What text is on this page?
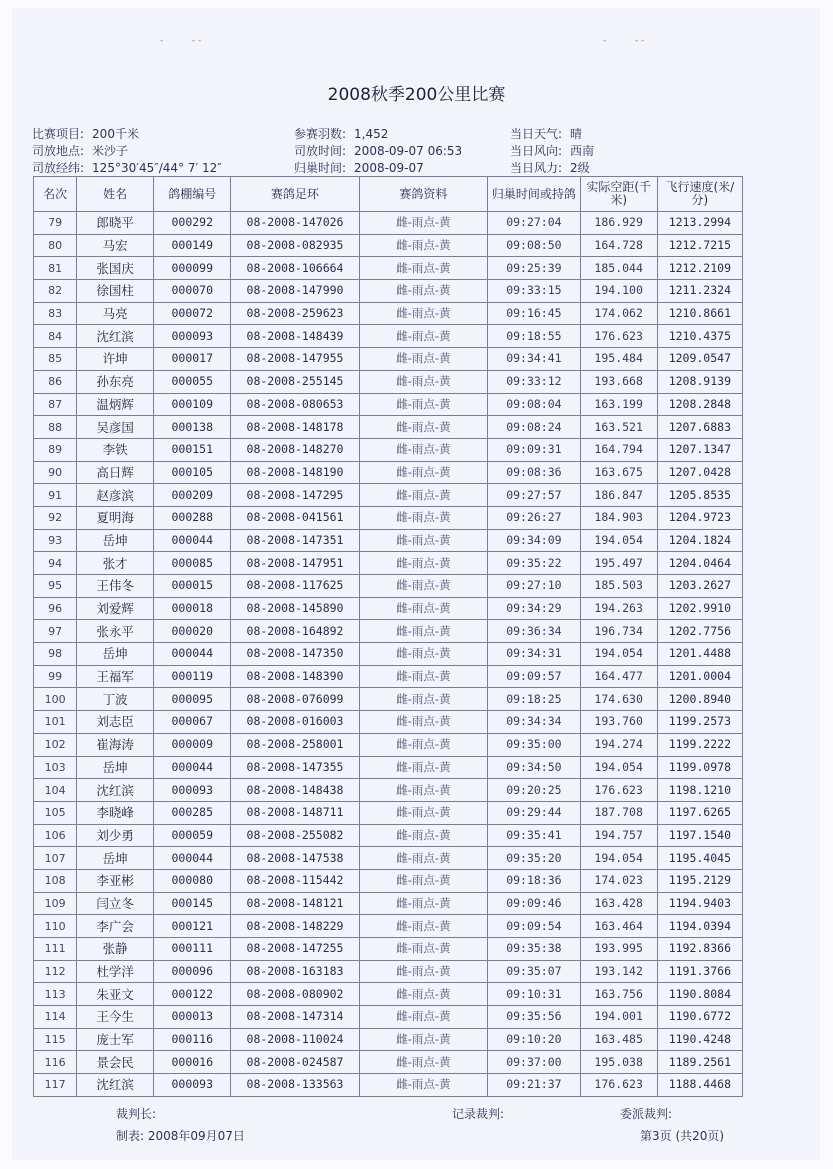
-          - -	-          - -
2008秋季200公里比赛
比赛项目: 200千米
司放地点: 米沙子
司放经纬: 125°30′45″/44° 7′ 12″
参赛羽数: 1,452
司放时间: 2008-09-07 06:53
归巢时间: 2008-09-07
当日天气: 晴
当日风向: 西南
当日风力: 2级
名次	姓名	鸽棚编号	赛鸽足环	赛鸽资料	归巢时间或持鸽	实际空距(千米)	飞行速度(米/分)
79	郎晓平	000292	08-2008-147026	雌-雨点-黄	09:27:04	186.929	1213.2994
80	马宏	000149	08-2008-082935	雌-雨点-黄	09:08:50	164.728	1212.7215
81	张国庆	000099	08-2008-106664	雌-雨点-黄	09:25:39	185.044	1212.2109
82	徐国柱	000070	08-2008-147990	雌-雨点-黄	09:33:15	194.100	1211.2324
83	马亮	000072	08-2008-259623	雌-雨点-黄	09:16:45	174.062	1210.8661
84	沈红滨	000093	08-2008-148439	雌-雨点-黄	09:18:55	176.623	1210.4375
85	许坤	000017	08-2008-147955	雌-雨点-黄	09:34:41	195.484	1209.0547
86	孙东亮	000055	08-2008-255145	雌-雨点-黄	09:33:12	193.668	1208.9139
87	温炳辉	000109	08-2008-080653	雌-雨点-黄	09:08:04	163.199	1208.2848
88	吴彦国	000138	08-2008-148178	雌-雨点-黄	09:08:24	163.521	1207.6883
89	李铁	000151	08-2008-148270	雌-雨点-黄	09:09:31	164.794	1207.1347
90	高日辉	000105	08-2008-148190	雌-雨点-黄	09:08:36	163.675	1207.0428
91	赵彦滨	000209	08-2008-147295	雌-雨点-黄	09:27:57	186.847	1205.8535
92	夏明海	000288	08-2008-041561	雌-雨点-黄	09:26:27	184.903	1204.9723
93	岳坤	000044	08-2008-147351	雌-雨点-黄	09:34:09	194.054	1204.1824
94	张才	000085	08-2008-147951	雌-雨点-黄	09:35:22	195.497	1204.0464
95	王伟冬	000015	08-2008-117625	雌-雨点-黄	09:27:10	185.503	1203.2627
96	刘爱辉	000018	08-2008-145890	雌-雨点-黄	09:34:29	194.263	1202.9910
97	张永平	000020	08-2008-164892	雌-雨点-黄	09:36:34	196.734	1202.7756
98	岳坤	000044	08-2008-147350	雌-雨点-黄	09:34:31	194.054	1201.4488
99	王福军	000119	08-2008-148390	雌-雨点-黄	09:09:57	164.477	1201.0004
100	丁波	000095	08-2008-076099	雌-雨点-黄	09:18:25	174.630	1200.8940
101	刘志臣	000067	08-2008-016003	雌-雨点-黄	09:34:34	193.760	1199.2573
102	崔海涛	000009	08-2008-258001	雌-雨点-黄	09:35:00	194.274	1199.2222
103	岳坤	000044	08-2008-147355	雌-雨点-黄	09:34:50	194.054	1199.0978
104	沈红滨	000093	08-2008-148438	雌-雨点-黄	09:20:25	176.623	1198.1210
105	李晓峰	000285	08-2008-148711	雌-雨点-黄	09:29:44	187.708	1197.6265
106	刘少勇	000059	08-2008-255082	雌-雨点-黄	09:35:41	194.757	1197.1540
107	岳坤	000044	08-2008-147538	雌-雨点-黄	09:35:20	194.054	1195.4045
108	李亚彬	000080	08-2008-115442	雌-雨点-黄	09:18:36	174.023	1195.2129
109	闫立冬	000145	08-2008-148121	雌-雨点-黄	09:09:46	163.428	1194.9403
110	李广会	000121	08-2008-148229	雌-雨点-黄	09:09:54	163.464	1194.0394
111	张静	000111	08-2008-147255	雌-雨点-黄	09:35:38	193.995	1192.8366
112	杜学洋	000096	08-2008-163183	雌-雨点-黄	09:35:07	193.142	1191.3766
113	朱亚文	000122	08-2008-080902	雌-雨点-黄	09:10:31	163.756	1190.8084
114	王今生	000013	08-2008-147314	雌-雨点-黄	09:35:56	194.001	1190.6772
115	庞士军	000116	08-2008-110024	雌-雨点-黄	09:10:20	163.485	1190.4248
116	景会民	000016	08-2008-024587	雌-雨点-黄	09:37:00	195.038	1189.2561
117	沈红滨	000093	08-2008-133563	雌-雨点-黄	09:21:37	176.623	1188.4468
裁判长:	记录裁判:	委派裁判:
制表: 2008年09月07日	第3页 (共20页)
